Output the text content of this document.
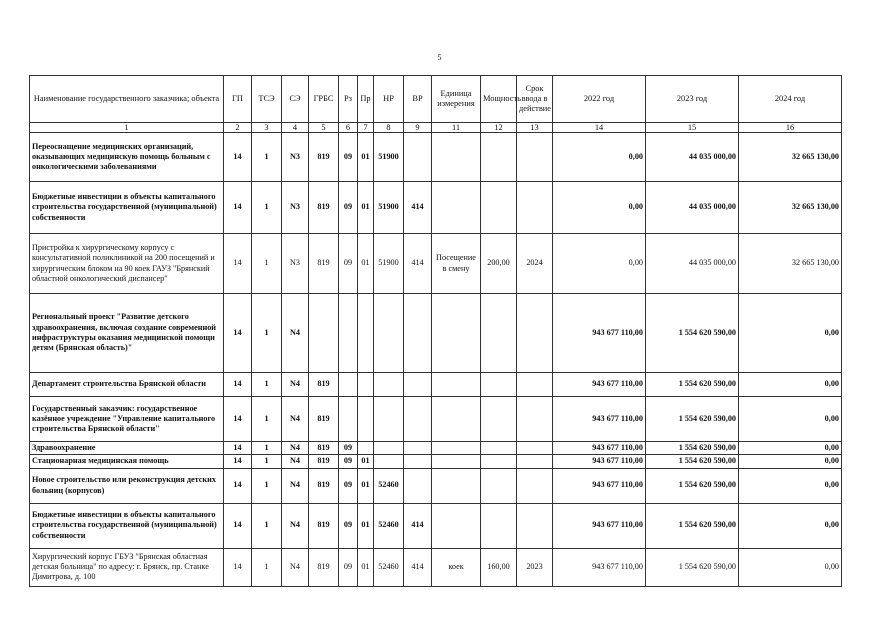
5
Наименование государственного заказчика; объекта	ГП	ТСЭ	СЭ	ГРБС	Рз	Пр	НР	ВР	Единица измерения	Мощность	Срок ввода в действие	2022 год	2023 год	2024 год
1	2	3	4	5	6	7	8	9	11	12	13	14	15	16
Переоснащение медицинских организаций, оказывающих медицинскую помощь больным с онкологическими заболеваниями	14	1	N3	819	09	01	51900					0,00	44 035 000,00	32 665 130,00
Бюджетные инвестиции в объекты капитального строительства государственной (муниципальной) собственности	14	1	N3	819	09	01	51900	414				0,00	44 035 000,00	32 665 130,00
Пристройка к хирургическому корпусу с консультативной поликлиникой на 200 посещений и хирургическим блоком на 90 коек ГАУЗ "Брянский областной онкологический диспансер"	14	1	N3	819	09	01	51900	414	Посещение в смену	200,00	2024	0,00	44 035 000,00	32 665 130,00
Региональный проект "Развитие детского здравоохранения, включая создание современной инфраструктуры оказания медицинской помощи детям (Брянская область)"	14	1	N4									943 677 110,00	1 554 620 590,00	0,00
Департамент строительства Брянской области	14	1	N4	819								943 677 110,00	1 554 620 590,00	0,00
Государственный заказчик: государственное казённое учреждение "Управление капитального строительства Брянской области"	14	1	N4	819								943 677 110,00	1 554 620 590,00	0,00
Здравоохранение	14	1	N4	819	09							943 677 110,00	1 554 620 590,00	0,00
Стационарная медицинская помощь	14	1	N4	819	09	01						943 677 110,00	1 554 620 590,00	0,00
Новое строительство или реконструкция детских больниц (корпусов)	14	1	N4	819	09	01	52460					943 677 110,00	1 554 620 590,00	0,00
Бюджетные инвестиции в объекты капитального строительства государственной (муниципальной) собственности	14	1	N4	819	09	01	52460	414				943 677 110,00	1 554 620 590,00	0,00
Хирургический корпус ГБУЗ "Брянская областная детская больница" по адресу: г. Брянск, пр. Станке Димитрова, д. 100	14	1	N4	819	09	01	52460	414	коек	160,00	2023	943 677 110,00	1 554 620 590,00	0,00
